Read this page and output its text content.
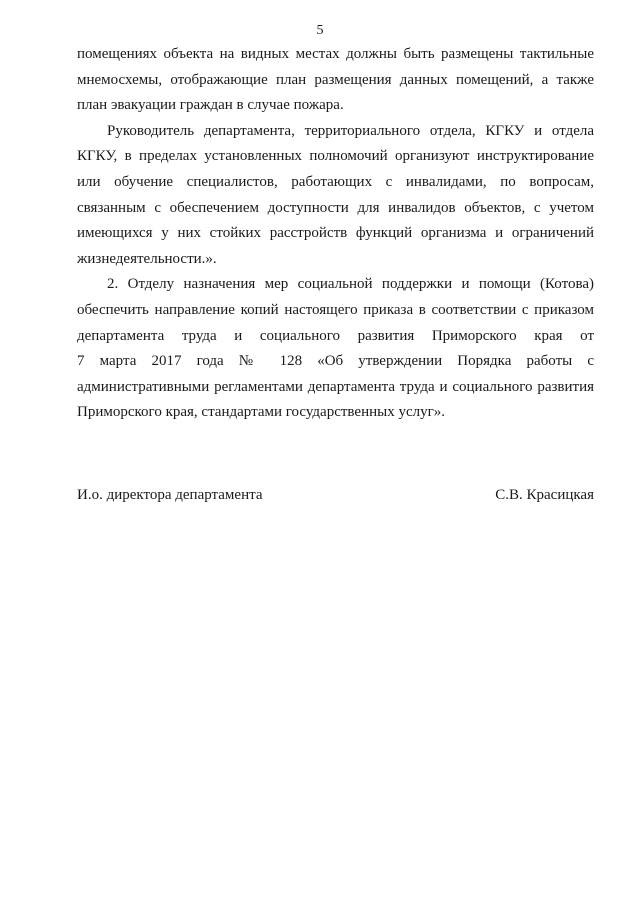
5
помещениях объекта на видных местах должны быть размещены тактильные
мнемосхемы, отображающие план размещения данных помещений, а также
план эвакуации граждан в случае пожара.
Руководитель департамента, территориального отдела, КГКУ и отдела
КГКУ, в пределах установленных полномочий организуют инструктирование
или обучение специалистов, работающих с инвалидами, по вопросам,
связанным с обеспечением доступности для инвалидов объектов, с учетом
имеющихся у них стойких расстройств функций организма и ограничений
жизнедеятельности.».
2. Отделу назначения мер социальной поддержки и помощи (Котова)
обеспечить направление копий настоящего приказа в соответствии с приказом
департамента труда и социального развития Приморского края от
7 марта 2017 года № 128 «Об утверждении Порядка работы с
административными регламентами департамента труда и социального развития
Приморского края, стандартами государственных услуг».
И.о. директора департамента	С.В. Красицкая
